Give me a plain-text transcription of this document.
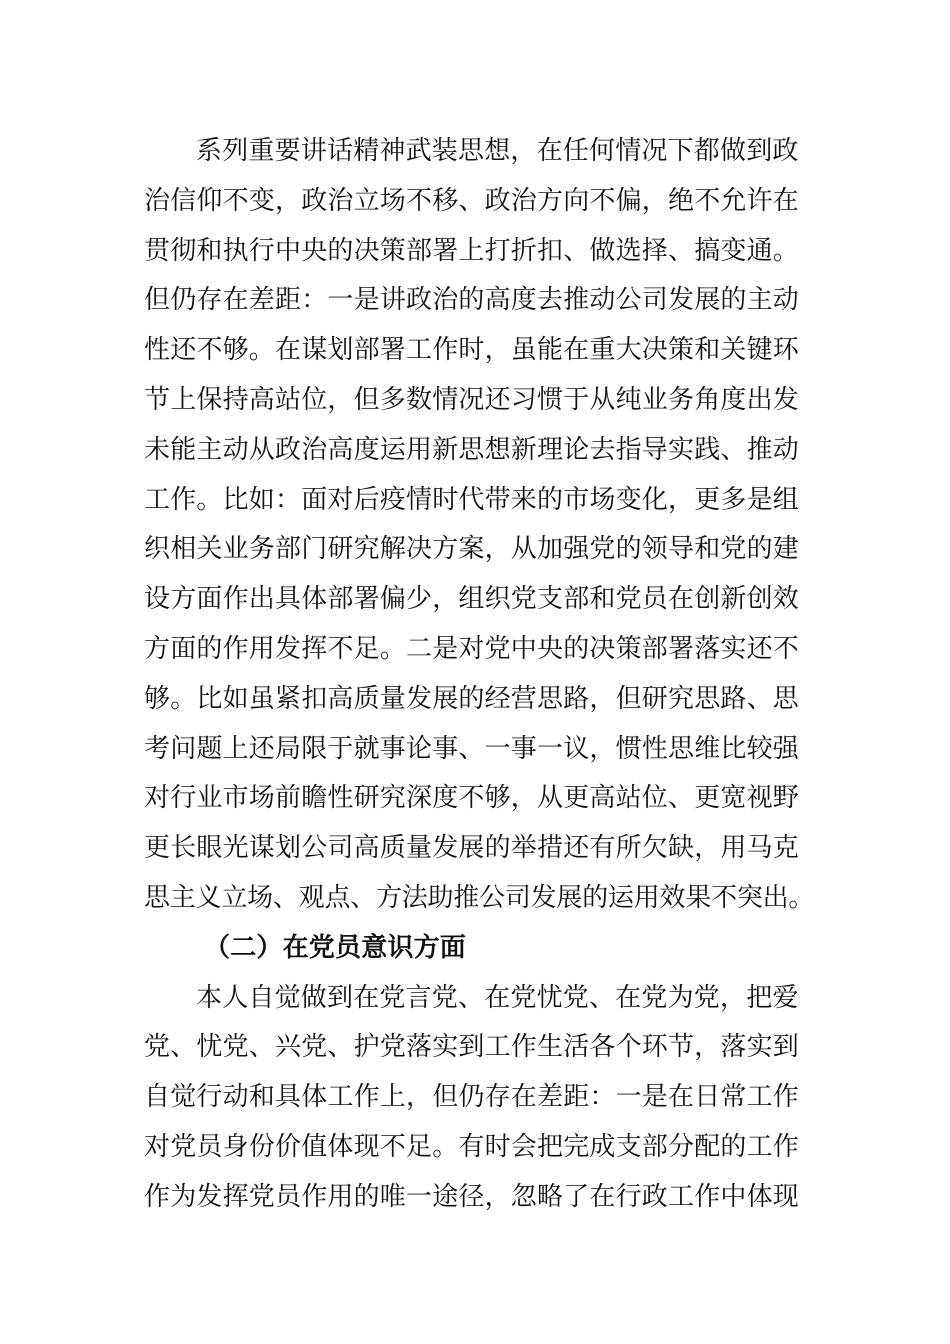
系列重要讲话精神武装思想，在任何情况下都做到政
治信仰不变，政治立场不移、政治方向不偏，绝不允许在
贯彻和执行中央的决策部署上打折扣、做选择、搞变通。
但仍存在差距：一是讲政治的高度去推动公司发展的主动
性还不够。在谋划部署工作时，虽能在重大决策和关键环
节上保持高站位，但多数情况还习惯于从纯业务角度出发
未能主动从政治高度运用新思想新理论去指导实践、推动
工作。比如：面对后疫情时代带来的市场变化，更多是组
织相关业务部门研究解决方案，从加强党的领导和党的建
设方面作出具体部署偏少，组织党支部和党员在创新创效
方面的作用发挥不足。二是对党中央的决策部署落实还不
够。比如虽紧扣高质量发展的经营思路，但研究思路、思
考问题上还局限于就事论事、一事一议，惯性思维比较强
对行业市场前瞻性研究深度不够，从更高站位、更宽视野
更长眼光谋划公司高质量发展的举措还有所欠缺，用马克
思主义立场、观点、方法助推公司发展的运用效果不突出。
（二）在党员意识方面
本人自觉做到在党言党、在党忧党、在党为党，把爱
党、忧党、兴党、护党落实到工作生活各个环节，落实到
自觉行动和具体工作上，但仍存在差距：一是在日常工作
对党员身份价值体现不足。有时会把完成支部分配的工作
作为发挥党员作用的唯一途径，忽略了在行政工作中体现
